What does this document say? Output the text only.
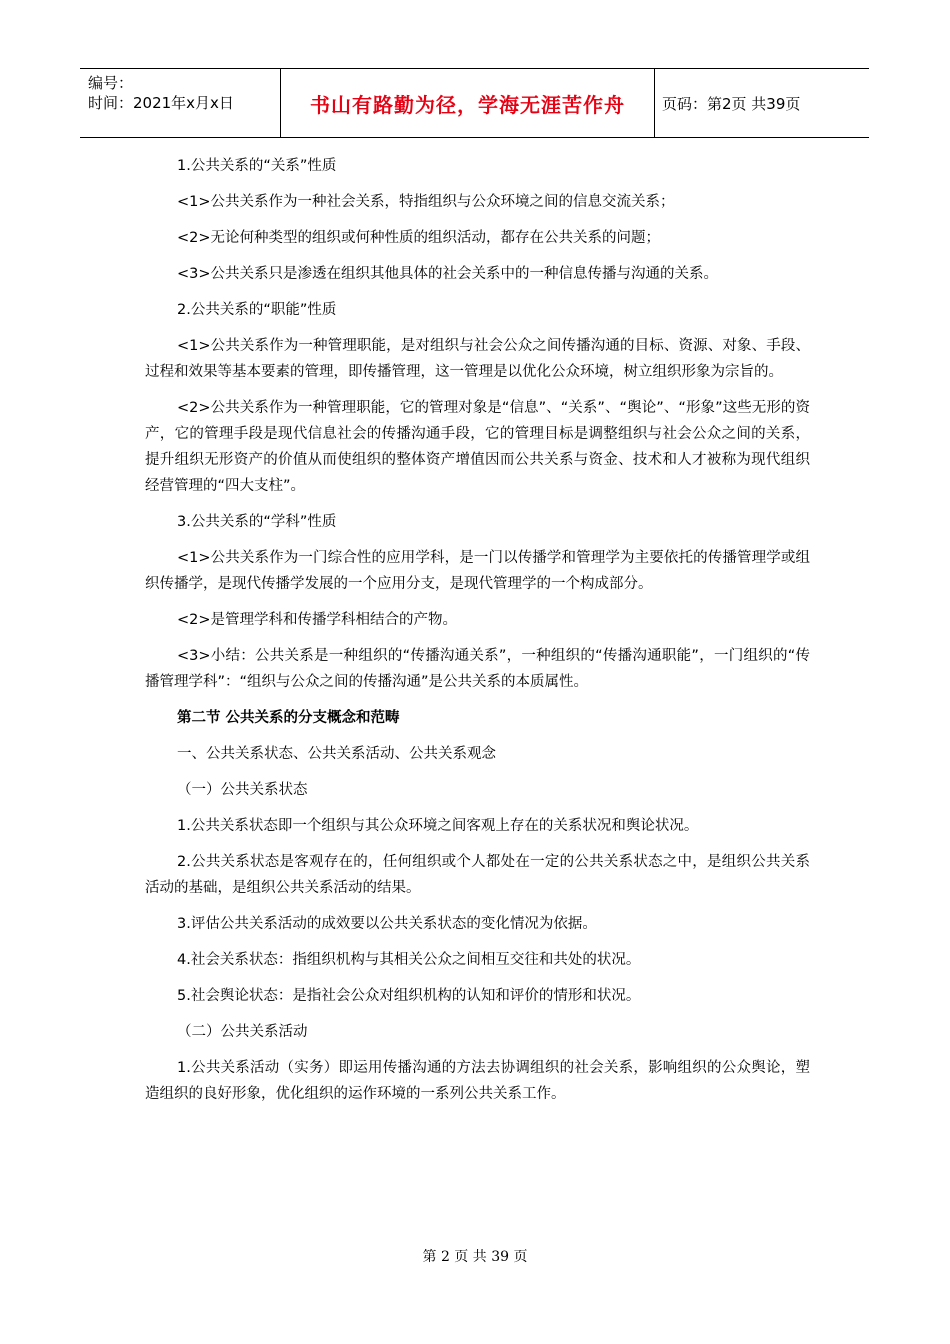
编号：
时间：2021年x月x日	书山有路勤为径，学海无涯苦作舟	页码：第2页 共39页

1.公共关系的“关系”性质

<1>公共关系作为一种社会关系，特指组织与公众环境之间的信息交流关系；

<2>无论何种类型的组织或何种性质的组织活动，都存在公共关系的问题；

<3>公共关系只是渗透在组织其他具体的社会关系中的一种信息传播与沟通的关系。

2.公共关系的“职能”性质

<1>公共关系作为一种管理职能，是对组织与社会公众之间传播沟通的目标、资源、对象、手段、过程和效果等基本要素的管理，即传播管理，这一管理是以优化公众环境，树立组织形象为宗旨的。

<2>公共关系作为一种管理职能，它的管理对象是“信息”、“关系”、“舆论”、“形象”这些无形的资产，它的管理手段是现代信息社会的传播沟通手段，它的管理目标是调整组织与社会公众之间的关系，提升组织无形资产的价值从而使组织的整体资产增值因而公共关系与资金、技术和人才被称为现代组织经营管理的“四大支柱”。

3.公共关系的“学科”性质

<1>公共关系作为一门综合性的应用学科，是一门以传播学和管理学为主要依托的传播管理学或组织传播学，是现代传播学发展的一个应用分支，是现代管理学的一个构成部分。

<2>是管理学科和传播学科相结合的产物。

<3>小结：公共关系是一种组织的“传播沟通关系”，一种组织的“传播沟通职能”，一门组织的“传播管理学科”：“组织与公众之间的传播沟通”是公共关系的本质属性。

第二节 公共关系的分支概念和范畴

一、公共关系状态、公共关系活动、公共关系观念

（一）公共关系状态

1.公共关系状态即一个组织与其公众环境之间客观上存在的关系状况和舆论状况。

2.公共关系状态是客观存在的，任何组织或个人都处在一定的公共关系状态之中，是组织公共关系活动的基础，是组织公共关系活动的结果。

3.评估公共关系活动的成效要以公共关系状态的变化情况为依据。

4.社会关系状态：指组织机构与其相关公众之间相互交往和共处的状况。

5.社会舆论状态：是指社会公众对组织机构的认知和评价的情形和状况。

（二）公共关系活动

1.公共关系活动（实务）即运用传播沟通的方法去协调组织的社会关系，影响组织的公众舆论，塑造组织的良好形象，优化组织的运作环境的一系列公共关系工作。

第 2 页 共 39 页
